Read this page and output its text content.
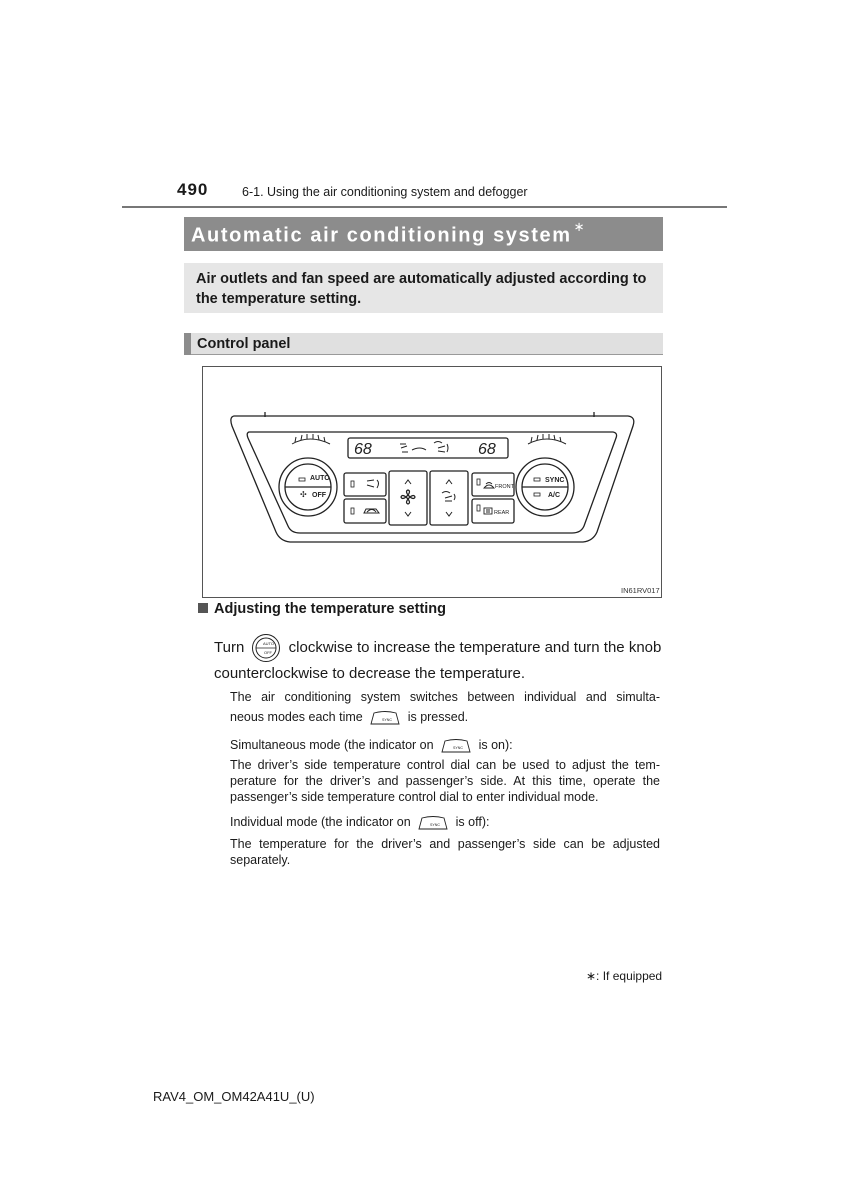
490	6-1. Using the air conditioning system and defogger
Automatic air conditioning system ∗
Air outlets and fan speed are automatically adjusted according to the temperature setting.
Control panel
68	68
AUTO
OFF
✣
SYNC
A/C
FRONT
REAR
IN61RV017
Adjusting the temperature setting
Turn	AUTO
OFF clockwise to increase the temperature and turn the knob
counterclockwise to decrease the temperature.
The air conditioning system switches between individual and simulta-
neous modes each time	SYNC is pressed.
Simultaneous mode (the indicator on	SYNC is on):
The driver’s side temperature control dial can be used to adjust the tem-
perature for the driver’s and passenger’s side. At this time, operate the
passenger’s side temperature control dial to enter individual mode.
Individual mode (the indicator on	SYNC is off):
The temperature for the driver’s and passenger’s side can be adjusted
separately.
∗: If equipped
RAV4_OM_OM42A41U_(U)
